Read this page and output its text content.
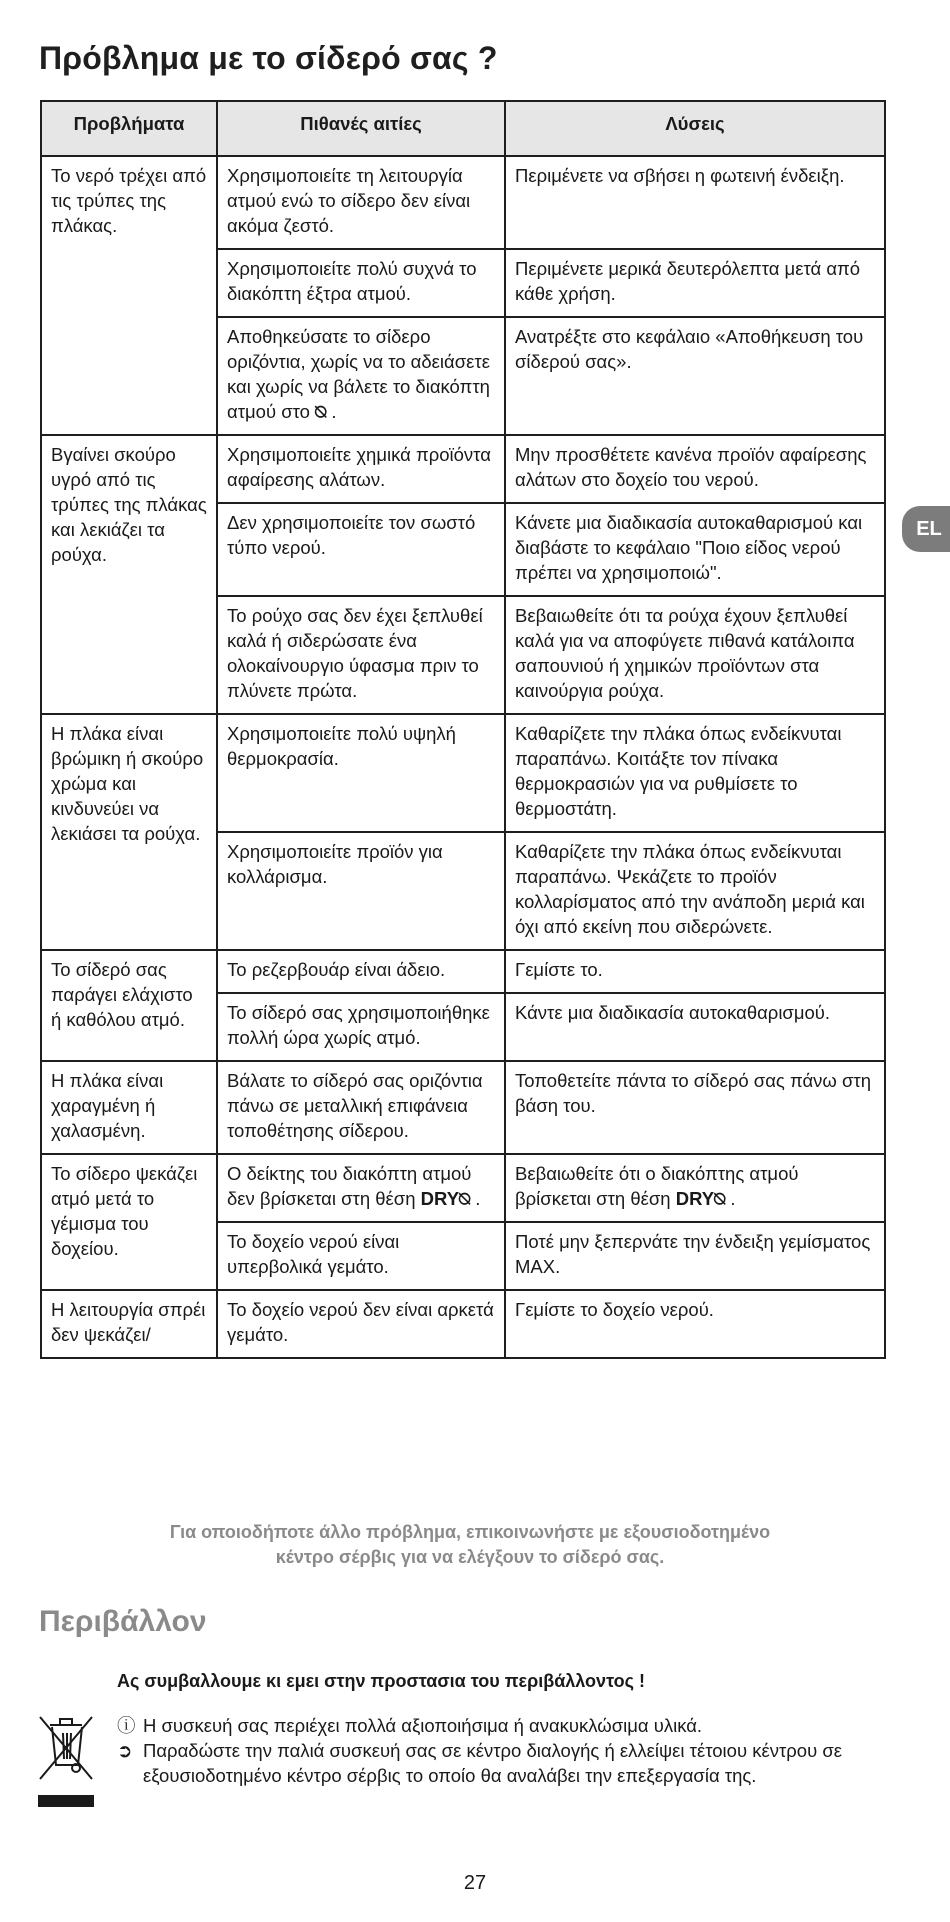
Πρόβλημα με το σίδερό σας ?
Προβλήματα	Πιθανές αιτίες	Λύσεις
Το νερό τρέχει από τις τρύπες της πλάκας.	Χρησιμοποιείτε τη λειτουργία ατμού ενώ το σίδερο δεν είναι ακόμα ζεστό.	Περιμένετε να σβήσει η φωτεινή ένδειξη.
	Χρησιμοποιείτε πολύ συχνά το διακόπτη έξτρα ατμού.	Περιμένετε μερικά δευτερόλεπτα μετά από κάθε χρήση.
	Αποθηκεύσατε το σίδερο οριζόντια, χωρίς να το αδειάσετε και χωρίς να βάλετε το διακόπτη ατμού στο ⍉ .	Ανατρέξτε στο κεφάλαιο «Αποθήκευση του σίδερού σας».
Βγαίνει σκούρο υγρό από τις τρύπες της πλάκας και λεκιάζει τα ρούχα.	Χρησιμοποιείτε χημικά προϊόντα αφαίρεσης αλάτων.	Μην προσθέτετε κανένα προϊόν αφαίρεσης αλάτων στο δοχείο του νερού.
	Δεν χρησιμοποιείτε τον σωστό τύπο νερού.	Κάνετε μια διαδικασία αυτοκαθαρισμού και διαβάστε το κεφάλαιο "Ποιο είδος νερού πρέπει να χρησιμοποιώ".
	Το ρούχο σας δεν έχει ξεπλυθεί καλά ή σιδερώσατε ένα ολοκαίνουργιο ύφασμα πριν το πλύνετε πρώτα.	Βεβαιωθείτε ότι τα ρούχα έχουν ξεπλυθεί καλά για να αποφύγετε πιθανά κατάλοιπα σαπουνιού ή χημικών προϊόντων στα καινούργια ρούχα.
Η πλάκα είναι βρώμικη ή σκούρο χρώμα και κινδυνεύει να λεκιάσει τα ρούχα.	Χρησιμοποιείτε πολύ υψηλή θερμοκρασία.	Καθαρίζετε την πλάκα όπως ενδείκνυται παραπάνω. Κοιτάξτε τον πίνακα θερμοκρασιών για να ρυθμίσετε το θερμοστάτη.
	Χρησιμοποιείτε προϊόν για κολλάρισμα.	Καθαρίζετε την πλάκα όπως ενδείκνυται παραπάνω. Ψεκάζετε το προϊόν κολλαρίσματος από την ανάποδη μεριά και όχι από εκείνη που σιδερώνετε.
Το σίδερό σας παράγει ελάχιστο ή καθόλου ατμό.	Το ρεζερβουάρ είναι άδειο.	Γεμίστε το.
	Το σίδερό σας χρησιμοποιήθηκε πολλή ώρα χωρίς ατμό.	Κάντε μια διαδικασία αυτοκαθαρισμού.
Η πλάκα είναι χαραγμένη ή χαλασμένη.	Βάλατε το σίδερό σας οριζόντια πάνω σε μεταλλική επιφάνεια τοποθέτησης σίδερου.	Τοποθετείτε πάντα το σίδερό σας πάνω στη βάση του.
Το σίδερο ψεκάζει ατμό μετά το γέμισμα του δοχείου.	Ο δείκτης του διακόπτη ατμού δεν βρίσκεται στη θέση DRY⍉ .	Βεβαιωθείτε ότι ο διακόπτης ατμού βρίσκεται στη θέση DRY⍉ .
	Το δοχείο νερού είναι υπερβολικά γεμάτο.	Ποτέ μην ξεπερνάτε την ένδειξη γεμίσματος MAX.
Η λειτουργία σπρέι δεν ψεκάζει/	Το δοχείο νερού δεν είναι αρκετά γεμάτο.	Γεμίστε το δοχείο νερού.
Για οποιοδήποτε άλλο πρόβλημα, επικοινωνήστε με εξουσιοδοτημένο
κέντρο σέρβις για να ελέγξουν το σίδερό σας.
Περιβάλλον
Ας συμβαλλουμε κι εμει στην προστασια του περιβάλλοντος !
ⓘ Η συσκευή σας περιέχει πολλά αξιοποιήσιμα ή ανακυκλώσιμα υλικά.
➲ Παραδώστε την παλιά συσκευή σας σε κέντρο διαλογής ή ελλείψει τέτοιου κέντρου σε εξουσιοδοτημένο κέντρο σέρβις το οποίο θα αναλάβει την επεξεργασία της.
EL
27
